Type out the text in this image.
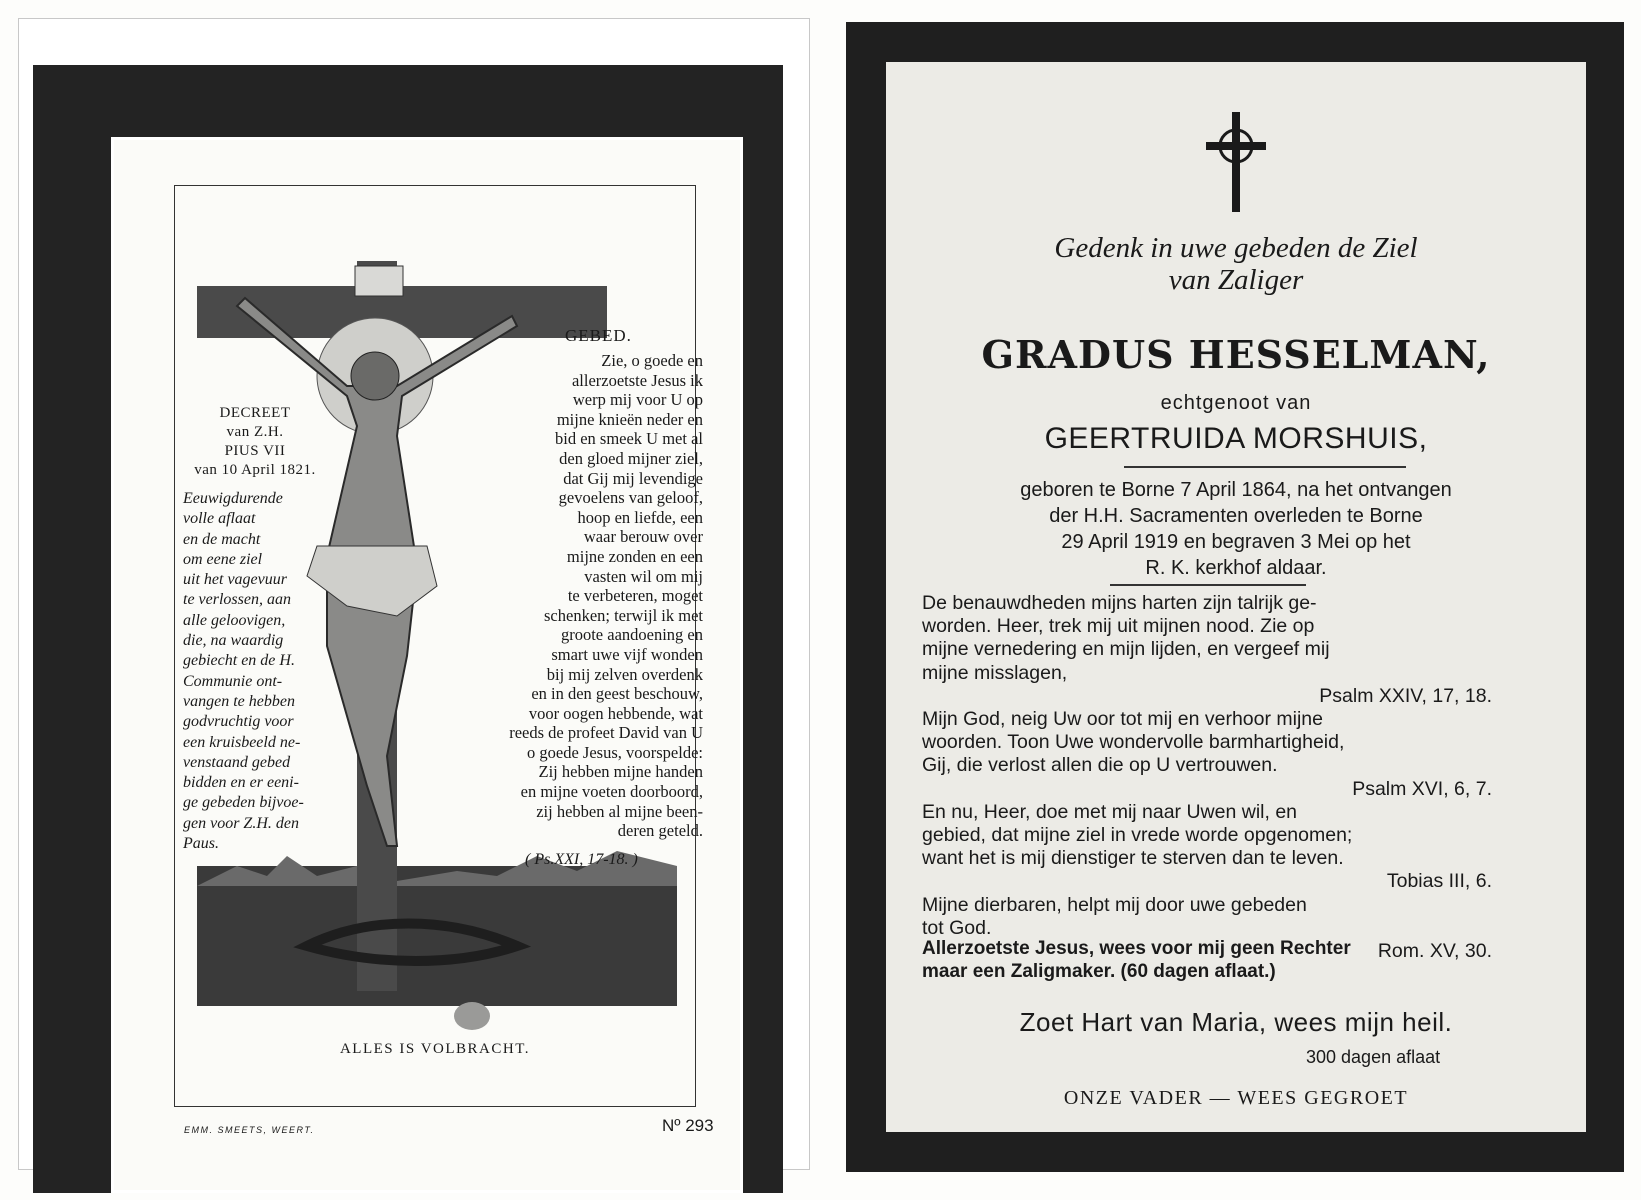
GEBED.
Zie, o goede en
allerzoetste Jesus ik
werp mij voor U op
mijne knieën neder en
bid en smeek U met al
den gloed mijner ziel,
dat Gij mij levendige
gevoelens van geloof,
hoop en liefde, een
waar berouw over
mijne zonden en een
vasten wil om mij
te verbeteren, moget
schenken; terwijl ik met
groote aandoening en
smart uwe vijf wonden
bij mij zelven overdenk
en in den geest beschouw,
voor oogen hebbende, wat
reeds de profeet David van U
o goede Jesus, voorspelde:
Zij hebben mijne handen
en mijne voeten doorboord,
zij hebben al mijne been-
deren geteld.
DECREET
van Z.H.
PIUS VII
van 10 April 1821.
Eeuwigdurende
volle aflaat
en de macht
om eene ziel
uit het vagevuur
te verlossen, aan
alle geloovigen,
die, na waardig
gebiecht en de H.
Communie ont-
vangen te hebben
godvruchtig voor
een kruisbeeld ne-
venstaand gebed
bidden en er eeni-
ge gebeden bijvoe-
gen voor Z.H. den
Paus.
( Ps.XXI, 17-18. )
ALLES IS VOLBRACHT.
EMM. SMEETS, WEERT.	Nº 293
Gedenk in uwe gebeden de Ziel
van Zaliger
GRADUS HESSELMAN,
echtgenoot van
GEERTRUIDA MORSHUIS,
geboren te Borne 7 April 1864, na het ontvangen
der H.H. Sacramenten overleden te Borne
29 April 1919 en begraven 3 Mei op het
R. K. kerkhof aldaar.

De benauwdheden mijns harten zijn talrijk ge-
worden. Heer, trek mij uit mijnen nood. Zie op
mijne vernedering en mijn lijden, en vergeef mij
mijne misslagen,

Psalm XXIV, 17, 18.

Mijn God, neig Uw oor tot mij en verhoor mijne
woorden. Toon Uwe wondervolle barmhartigheid,
Gij, die verlost allen die op U vertrouwen.

Psalm XVI, 6, 7.

En nu, Heer, doe met mij naar Uwen wil, en
gebied, dat mijne ziel in vrede worde opgenomen;
want het is mij dienstiger te sterven dan te leven.

Tobias III, 6.

Mijne dierbaren, helpt mij door uwe gebeden
tot God.

Rom. XV, 30.

Allerzoetste Jesus, wees voor mij geen Rechter
maar een Zaligmaker. (60 dagen aflaat.)
Zoet Hart van Maria, wees mijn heil.
300 dagen aflaat
ONZE VADER — WEES GEGROET
